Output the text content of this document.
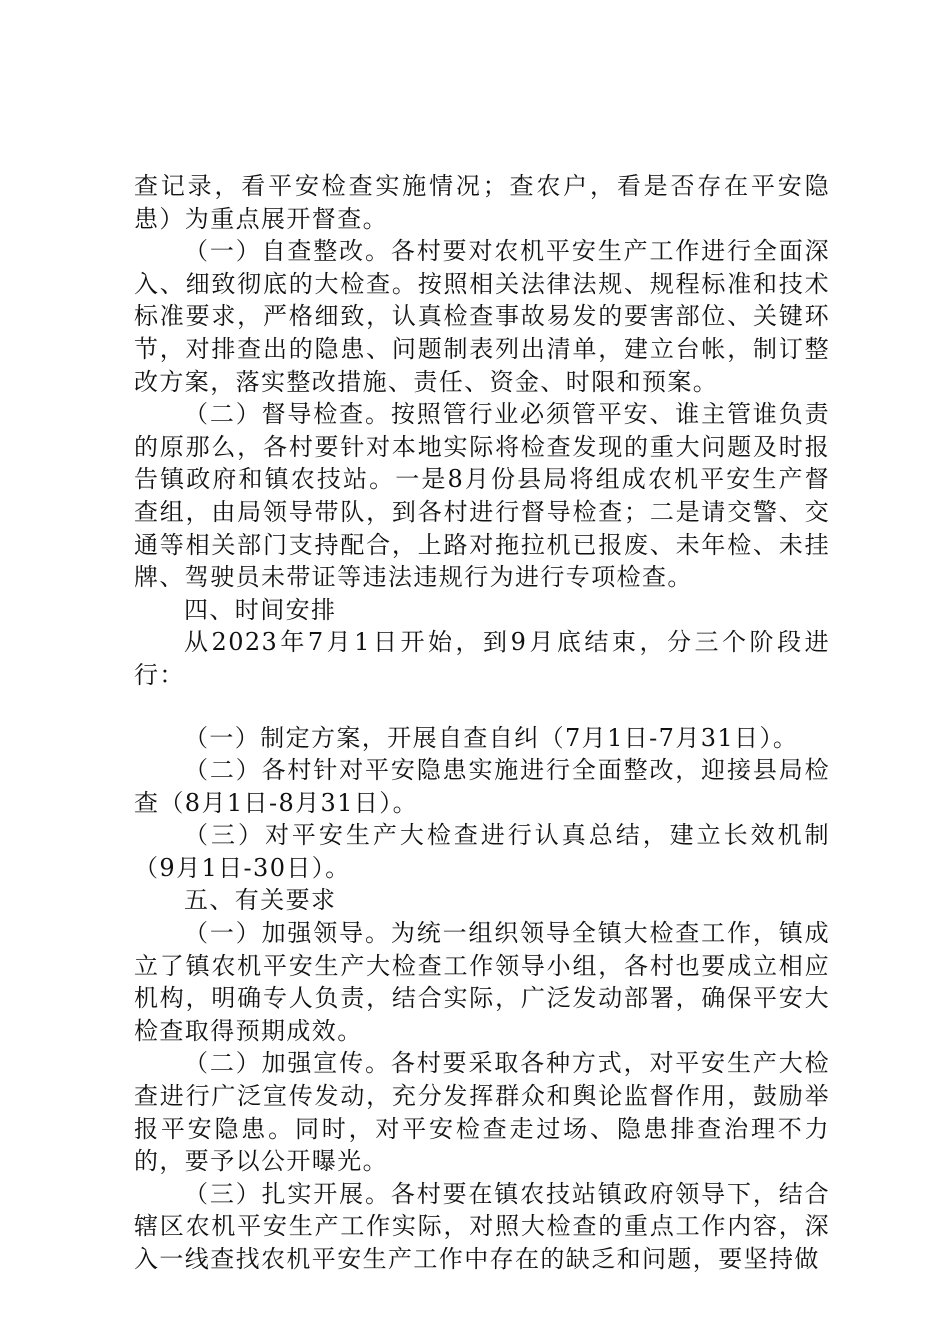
查记录，看平安检查实施情况；查农户，看是否存在平安隐患）为重点展开督查。

（一）自查整改。各村要对农机平安生产工作进行全面深入、细致彻底的大检查。按照相关法律法规、规程标准和技术标准要求，严格细致，认真检查事故易发的要害部位、关键环节，对排查出的隐患、问题制表列出清单，建立台帐，制订整改方案，落实整改措施、责任、资金、时限和预案。

（二）督导检查。按照管行业必须管平安、谁主管谁负责的原那么，各村要针对本地实际将检查发现的重大问题及时报告镇政府和镇农技站。一是8月份县局将组成农机平安生产督查组，由局领导带队，到各村进行督导检查；二是请交警、交通等相关部门支持配合，上路对拖拉机已报废、未年检、未挂牌、驾驶员未带证等违法违规行为进行专项检查。

四、时间安排

从2023年7月1日开始，到9月底结束，分三个阶段进行：

（一）制定方案，开展自查自纠（7月1日-7月31日）。

（二）各村针对平安隐患实施进行全面整改，迎接县局检查（8月1日-8月31日）。

（三）对平安生产大检查进行认真总结，建立长效机制（9月1日-30日）。

五、有关要求

（一）加强领导。为统一组织领导全镇大检查工作，镇成立了镇农机平安生产大检查工作领导小组，各村也要成立相应机构，明确专人负责，结合实际，广泛发动部署，确保平安大检查取得预期成效。

（二）加强宣传。各村要采取各种方式，对平安生产大检查进行广泛宣传发动，充分发挥群众和舆论监督作用，鼓励举报平安隐患。同时，对平安检查走过场、隐患排查治理不力的，要予以公开曝光。

（三）扎实开展。各村要在镇农技站镇政府领导下，结合辖区农机平安生产工作实际，对照大检查的重点工作内容，深入一线查找农机平安生产工作中存在的缺乏和问题，要坚持做
